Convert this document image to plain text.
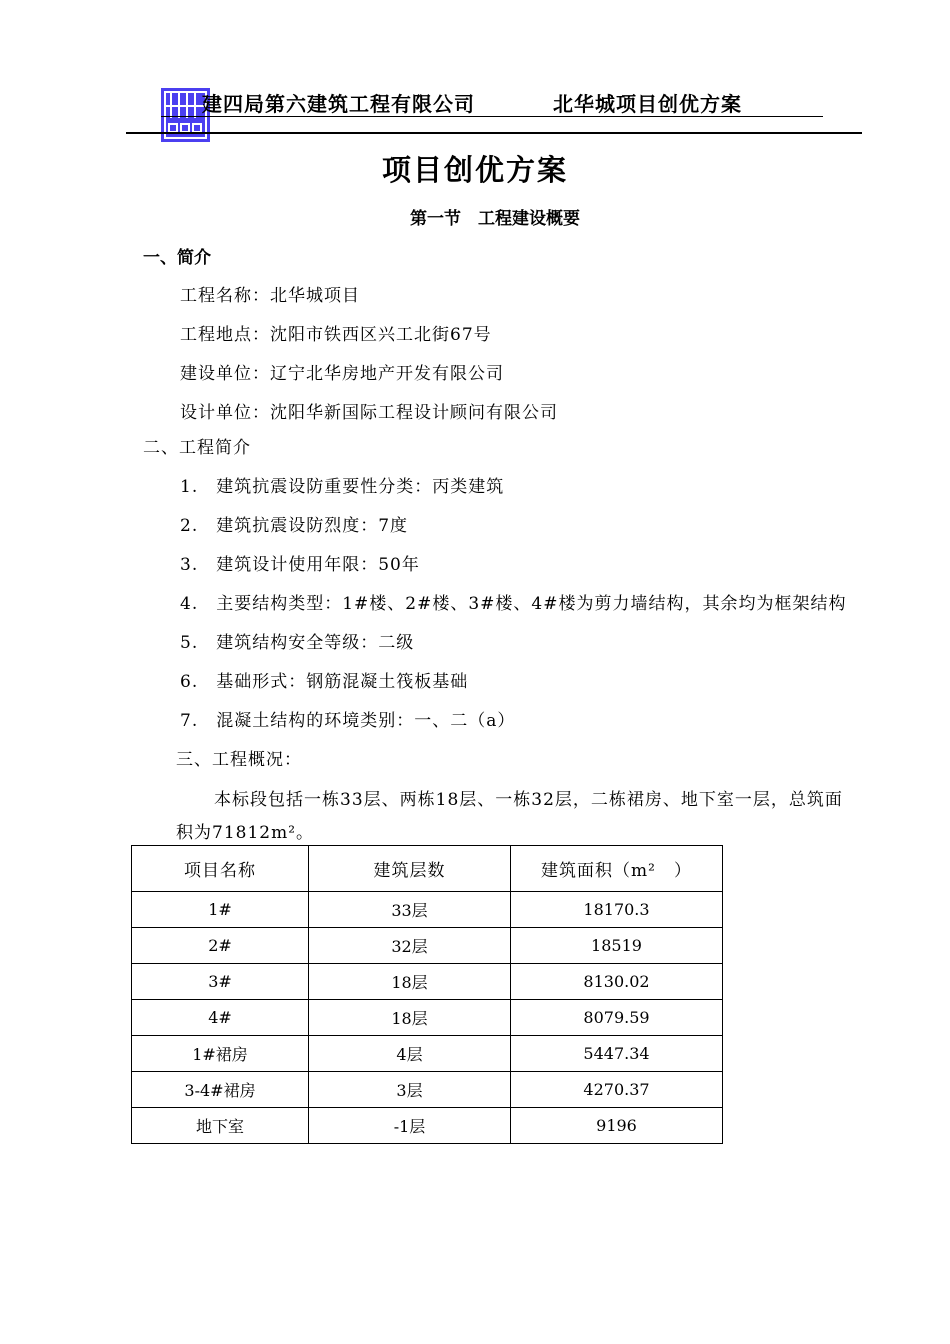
建四局第六建筑工程有限公司	北华城项目创优方案
项目创优方案
第一节　工程建设概要
一、简介
工程名称：北华城项目
工程地点：沈阳市铁西区兴工北街67号
建设单位：辽宁北华房地产开发有限公司
设计单位：沈阳华新国际工程设计顾问有限公司
二、工程简介
1.　建筑抗震设防重要性分类：丙类建筑
2.　建筑抗震设防烈度：7度
3.　建筑设计使用年限：50年
4.　主要结构类型：1#楼、2#楼、3#楼、4#楼为剪力墙结构，其余均为框架结构
5.　建筑结构安全等级：二级
6.　基础形式：钢筋混凝土筏板基础
7.　混凝土结构的环境类别：一、二（a）
三、工程概况：
本标段包括一栋33层、两栋18层、一栋32层，二栋裙房、地下室一层，总筑面
积为71812m²。
项目名称	建筑层数	建筑面积（m²　）
1#	33层	18170.3
2#	32层	18519
3#	18层	8130.02
4#	18层	8079.59
1#裙房	4层	5447.34
3-4#裙房	3层	4270.37
地下室	-1层	9196
